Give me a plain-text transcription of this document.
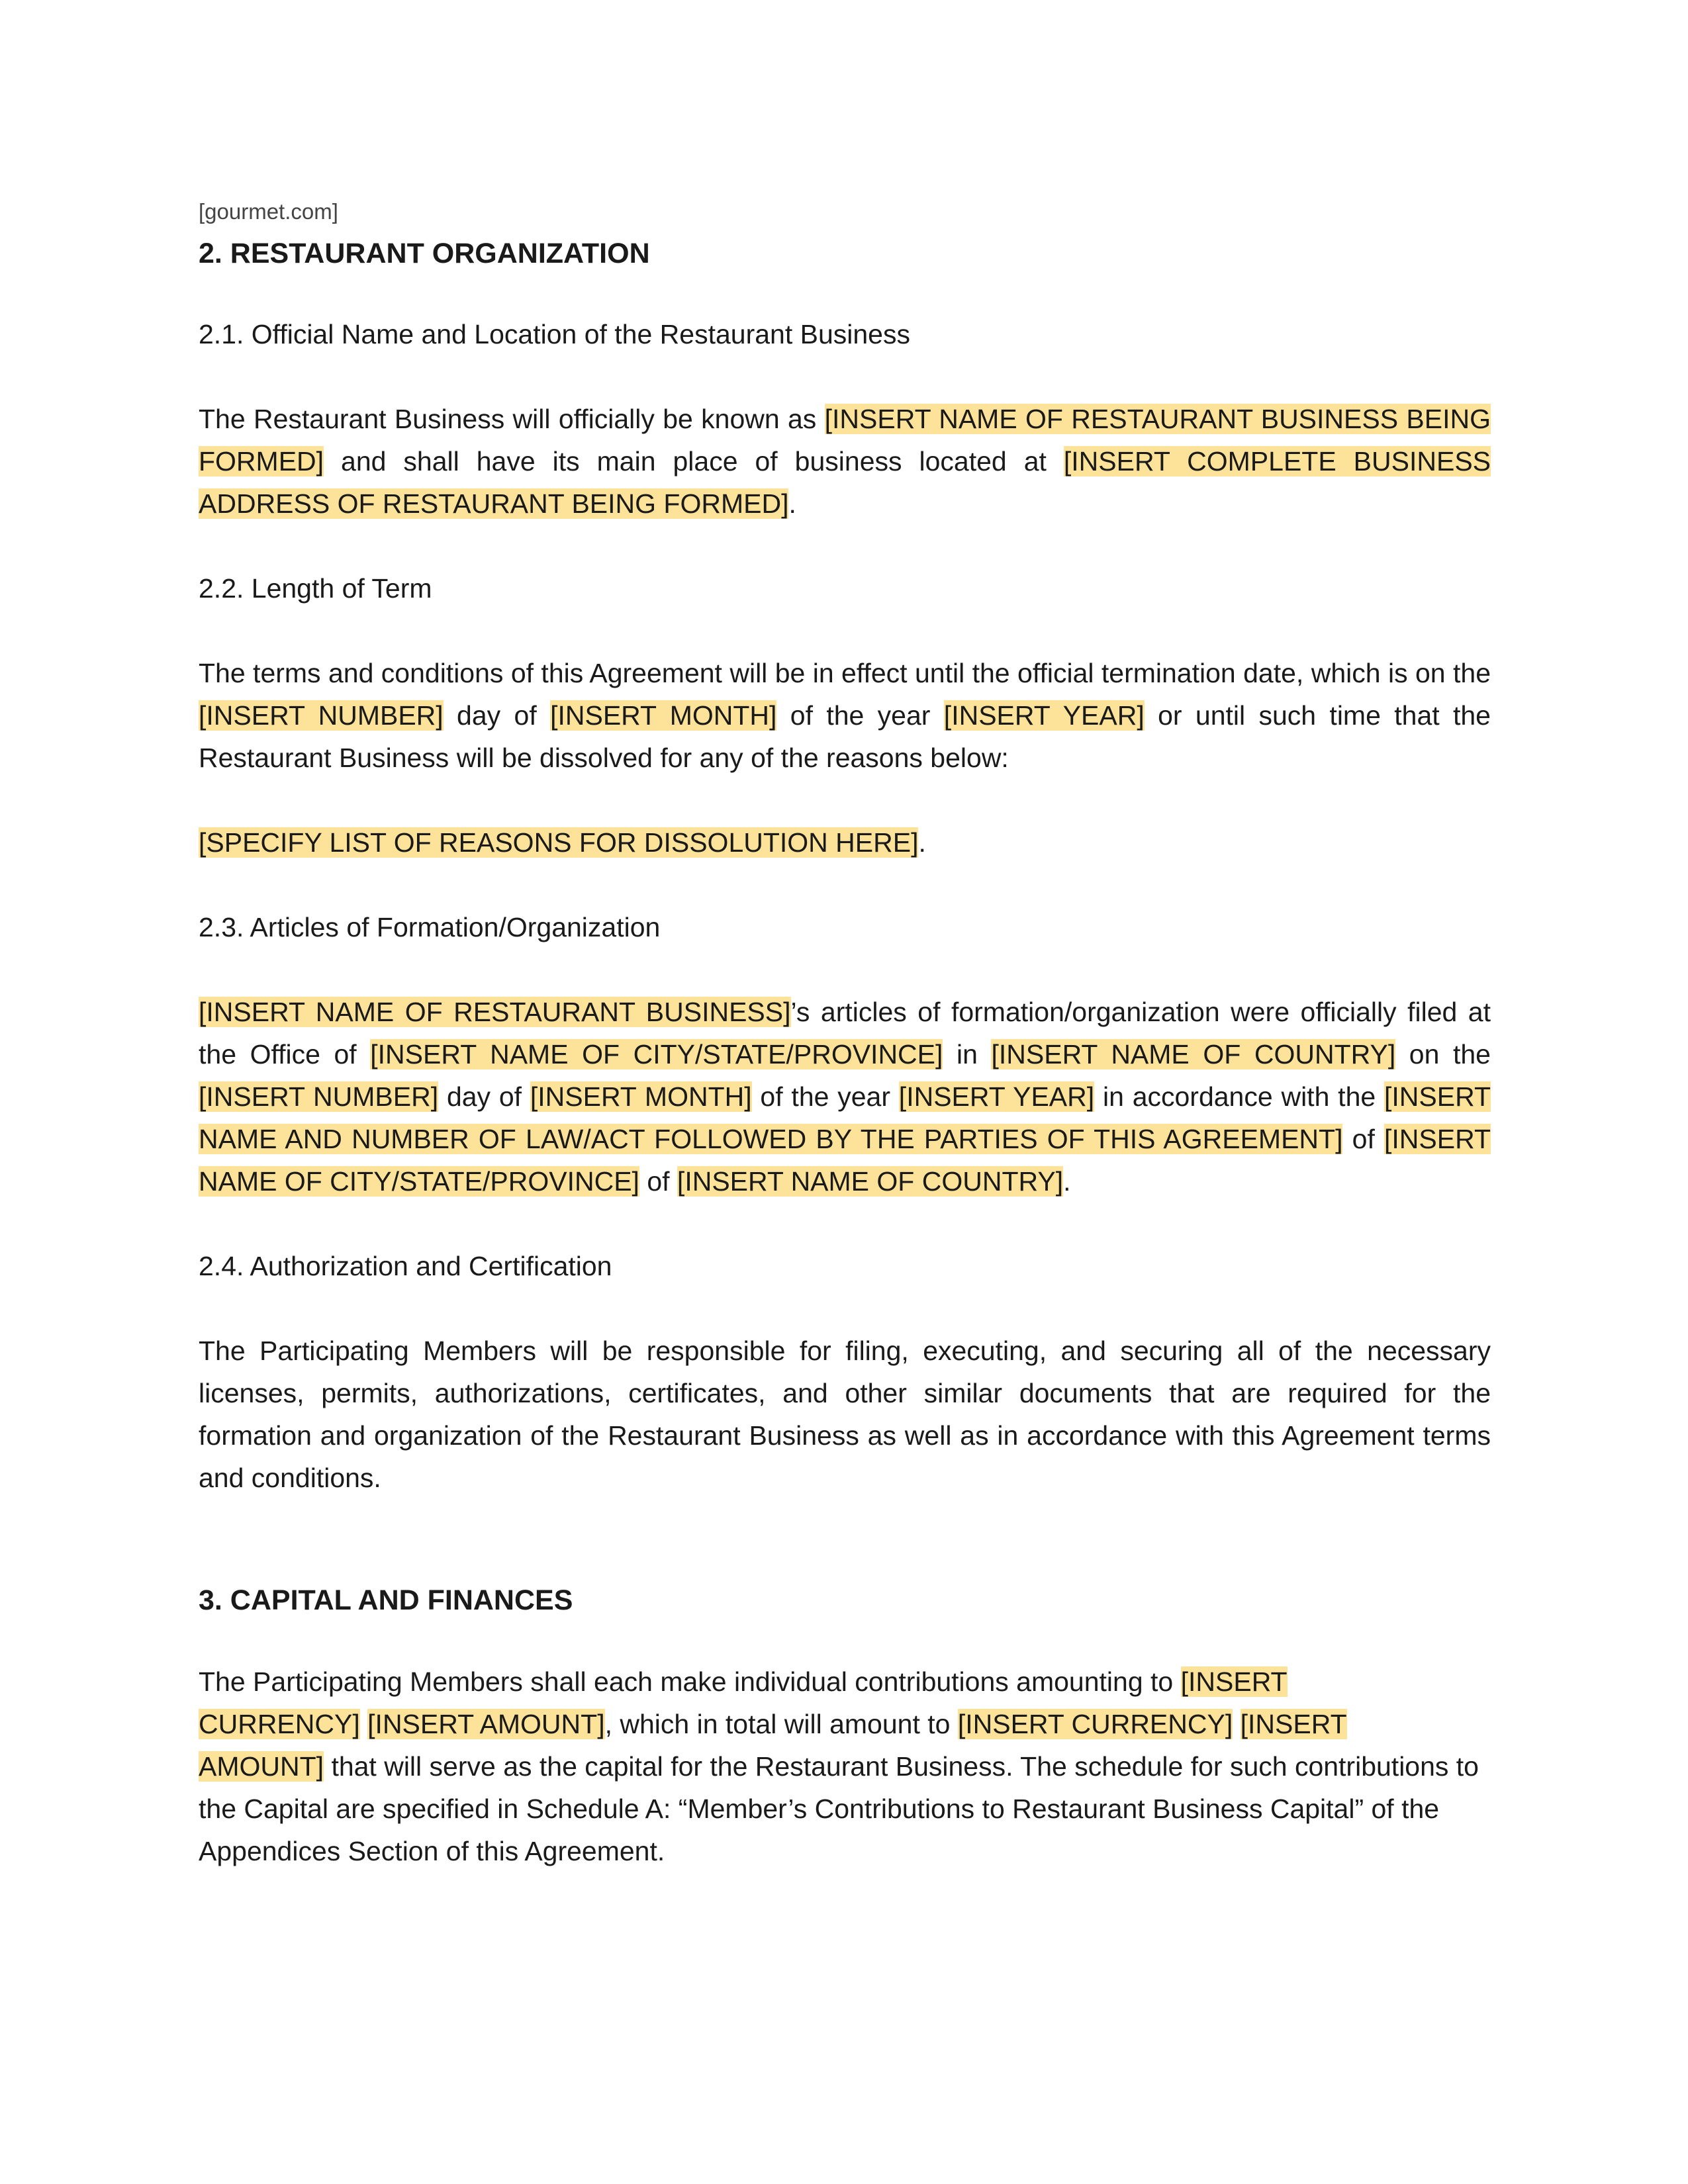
[gourmet.com]
2. RESTAURANT ORGANIZATION

2.1. Official Name and Location of the Restaurant Business

The Restaurant Business will officially be known as [INSERT NAME OF RESTAURANT BUSINESS BEING FORMED] and shall have its main place of business located at [INSERT COMPLETE BUSINESS ADDRESS OF RESTAURANT BEING FORMED].

2.2. Length of Term

The terms and conditions of this Agreement will be in effect until the official termination date, which is on the [INSERT NUMBER] day of [INSERT MONTH] of the year [INSERT YEAR] or until such time that the Restaurant Business will be dissolved for any of the reasons below:

[SPECIFY LIST OF REASONS FOR DISSOLUTION HERE].

2.3. Articles of Formation/Organization

[INSERT NAME OF RESTAURANT BUSINESS]’s articles of formation/organization were officially filed at the Office of [INSERT NAME OF CITY/STATE/PROVINCE] in [INSERT NAME OF COUNTRY] on the [INSERT NUMBER] day of [INSERT MONTH] of the year [INSERT YEAR] in accordance with the [INSERT NAME AND NUMBER OF LAW/ACT FOLLOWED BY THE PARTIES OF THIS AGREEMENT] of [INSERT NAME OF CITY/STATE/PROVINCE] of [INSERT NAME OF COUNTRY].

2.4. Authorization and Certification

The Participating Members will be responsible for filing, executing, and securing all of the necessary licenses, permits, authorizations, certificates, and other similar documents that are required for the formation and organization of the Restaurant Business as well as in accordance with this Agreement terms and conditions.

3. CAPITAL AND FINANCES

The Participating Members shall each make individual contributions amounting to [INSERT
CURRENCY] [INSERT AMOUNT], which in total will amount to [INSERT CURRENCY] [INSERT
AMOUNT] that will serve as the capital for the Restaurant Business. The schedule for such contributions to the Capital are specified in Schedule A: “Member’s Contributions to Restaurant Business Capital” of the Appendices Section of this Agreement.
